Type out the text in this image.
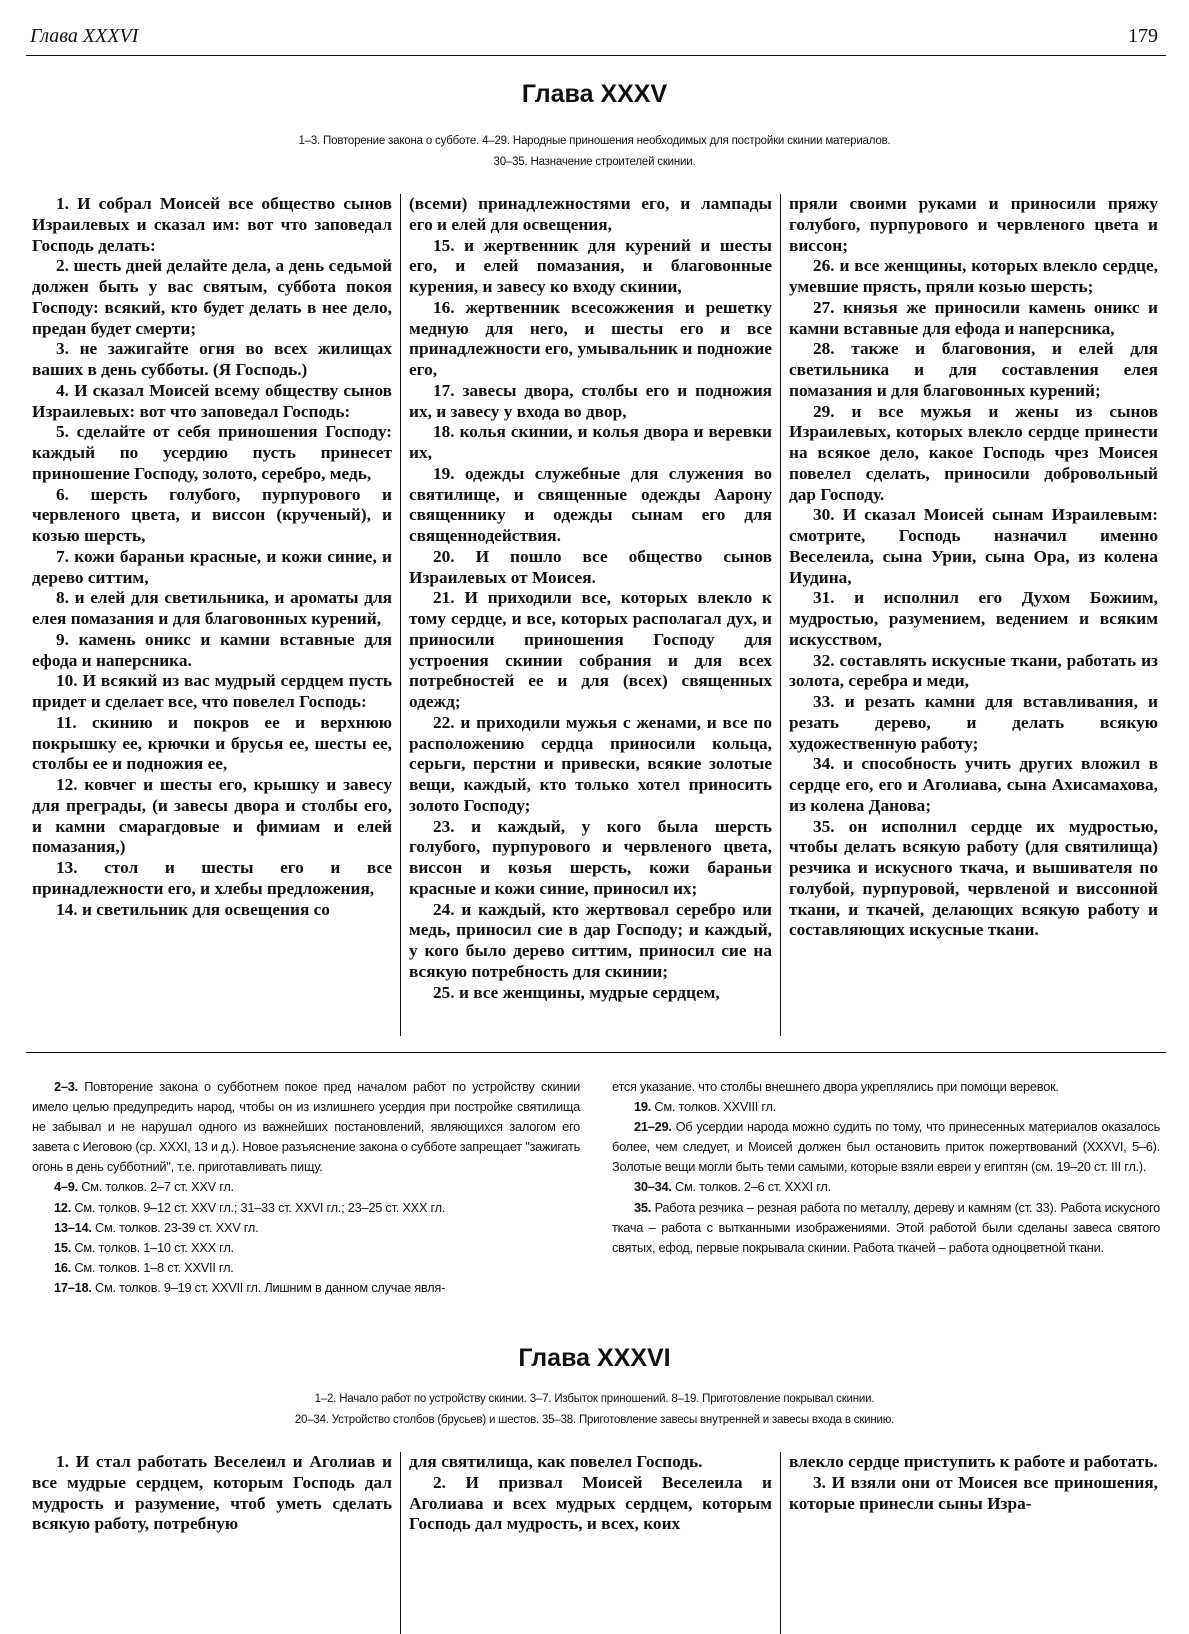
Глава XXXVI	179
Глава XXXV
1–3. Повторение закона о субботе. 4–29. Народные приношения необходимых для постройки скинии материалов.
30–35. Назначение строителей скинии.

1. И собрал Моисей все общество сынов Израилевых и сказал им: вот что заповедал Господь делать:

2. шесть дней делайте дела, а день седьмой должен быть у вас святым, суббота покоя Господу: всякий, кто будет делать в нее дело, предан будет смерти;

3. не зажигайте огня во всех жилищах ваших в день субботы. (Я Господь.)

4. И сказал Моисей всему обществу сынов Израилевых: вот что заповедал Господь:

5. сделайте от себя приношения Господу: каждый по усердию пусть принесет приношение Господу, золото, серебро, медь,

6. шерсть голубого, пурпурового и червленого цвета, и виссон (крученый), и козью шерсть,

7. кожи бараньи красные, и кожи синие, и дерево ситтим,

8. и елей для светильника, и ароматы для елея помазания и для благовонных курений,

9. камень оникс и камни вставные для ефода и наперсника.

10. И всякий из вас мудрый сердцем пусть придет и сделает все, что повелел Господь:

11. скинию и покров ее и верхнюю покрышку ее, крючки и брусья ее, шесты ее, столбы ее и подножия ее,

12. ковчег и шесты его, крышку и завесу для преграды, (и завесы двора и столбы его, и камни смарагдовые и фимиам и елей помазания,)

13. стол и шесты его и все принадлежности его, и хлебы предложения,

14. и светильник для освещения со

(всеми) принадлежностями его, и лампады его и елей для освещения,

15. и жертвенник для курений и шесты его, и елей помазания, и благовонные курения, и завесу ко входу скинии,

16. жертвенник всесожжения и решетку медную для него, и шесты его и все принадлежности его, умывальник и подножие его,

17. завесы двора, столбы его и подножия их, и завесу у входа во двор,

18. колья скинии, и колья двора и веревки их,

19. одежды служебные для служения во святилище, и священные одежды Аарону священнику и одежды сынам его для священнодействия.

20. И пошло все общество сынов Израилевых от Моисея.

21. И приходили все, которых влекло к тому сердце, и все, которых располагал дух, и приносили приношения Господу для устроения скинии собрания и для всех потребностей ее и для (всех) священных одежд;

22. и приходили мужья с женами, и все по расположению сердца приносили кольца, серьги, перстни и привески, всякие золотые вещи, каждый, кто только хотел приносить золото Господу;

23. и каждый, у кого была шерсть голубого, пурпурового и червленого цвета, виссон и козья шерсть, кожи бараньи красные и кожи синие, приносил их;

24. и каждый, кто жертвовал серебро или медь, приносил сие в дар Господу; и каждый, у кого было дерево ситтим, приносил сие на всякую потребность для скинии;

25. и все женщины, мудрые сердцем,

пряли своими руками и приносили пряжу голубого, пурпурового и червленого цвета и виссон;

26. и все женщины, которых влекло сердце, умевшие прясть, пряли козью шерсть;

27. князья же приносили камень оникс и камни вставные для ефода и наперсника,

28. также и благовония, и елей для светильника и для составления елея помазания и для благовонных курений;

29. и все мужья и жены из сынов Израилевых, которых влекло сердце принести на всякое дело, какое Господь чрез Моисея повелел сделать, приносили добровольный дар Господу.

30. И сказал Моисей сынам Израилевым: смотрите, Господь назначил именно Веселеила, сына Урии, сына Ора, из колена Иудина,

31. и исполнил его Духом Божиим, мудростью, разумением, ведением и всяким искусством,

32. составлять искусные ткани, работать из золота, серебра и меди,

33. и резать камни для вставливания, и резать дерево, и делать всякую художественную работу;

34. и способность учить других вложил в сердце его, его и Аголиава, сына Ахисамахова, из колена Данова;

35. он исполнил сердце их мудростью, чтобы делать всякую работу (для святилища) резчика и искусного ткача, и вышивателя по голубой, пурпуровой, червленой и виссонной ткани, и ткачей, делающих всякую работу и составляющих искусные ткани.

2–3. Повторение закона о субботнем покое пред началом работ по устройству скинии имело целью предупредить народ, чтобы он из излишнего усердия при постройке святилища не забывал и не нарушал одного из важнейших постановлений, являющихся залогом его завета с Иеговою (ср. XXXI, 13 и д.). Новое разъяснение закона о субботе запрещает "зажигать огонь в день субботний", т.е. приготавливать пищу.

4–9. См. толков. 2–7 ст. XXV гл.

12. См. толков. 9–12 ст. XXV гл.; 31–33 ст. XXVI гл.; 23–25 ст. XXX гл.

13–14. См. толков. 23-39 ст. XXV гл.

15. См. толков. 1–10 ст. XXX гл.

16. См. толков. 1–8 ст. XXVII гл.

17–18. См. толков. 9–19 ст. XXVII гл. Лишним в данном случае явля-

ется указание. что столбы внешнего двора укреплялись при помощи веревок.

19. См. толков. XXVIII гл.

21–29. Об усердии народа можно судить по тому, что принесенных материалов оказалось более, чем следует, и Моисей должен был остановить приток пожертвований (XXXVI, 5–6). Золотые вещи могли быть теми самыми, которые взяли евреи у египтян (см. 19–20 ст. III гл.).

30–34. См. толков. 2–6 ст. XXXI гл.

35. Работа резчика – резная работа по металлу, дереву и камням (ст. 33). Работа искусного ткача – работа с вытканными изображениями. Этой работой были сделаны завеса святого святых, ефод, первые покрывала скинии. Работа ткачей – работа одноцветной ткани.

Глава XXXVI
1–2. Начало работ по устройству скинии. 3–7. Избыток приношений. 8–19. Приготовление покрывал скинии.
20–34. Устройство столбов (брусьев) и шестов. 35–38. Приготовление завесы внутренней и завесы входа в скинию.

1. И стал работать Веселеил и Аголиав и все мудрые сердцем, которым Господь дал мудрость и разумение, чтоб уметь сделать всякую работу, потребную

для святилища, как повелел Господь.

2. И призвал Моисей Веселеила и Аголиава и всех мудрых сердцем, которым Господь дал мудрость, и всех, коих

влекло сердце приступить к работе и работать.

3. И взяли они от Моисея все приношения, которые принесли сыны Изра-
